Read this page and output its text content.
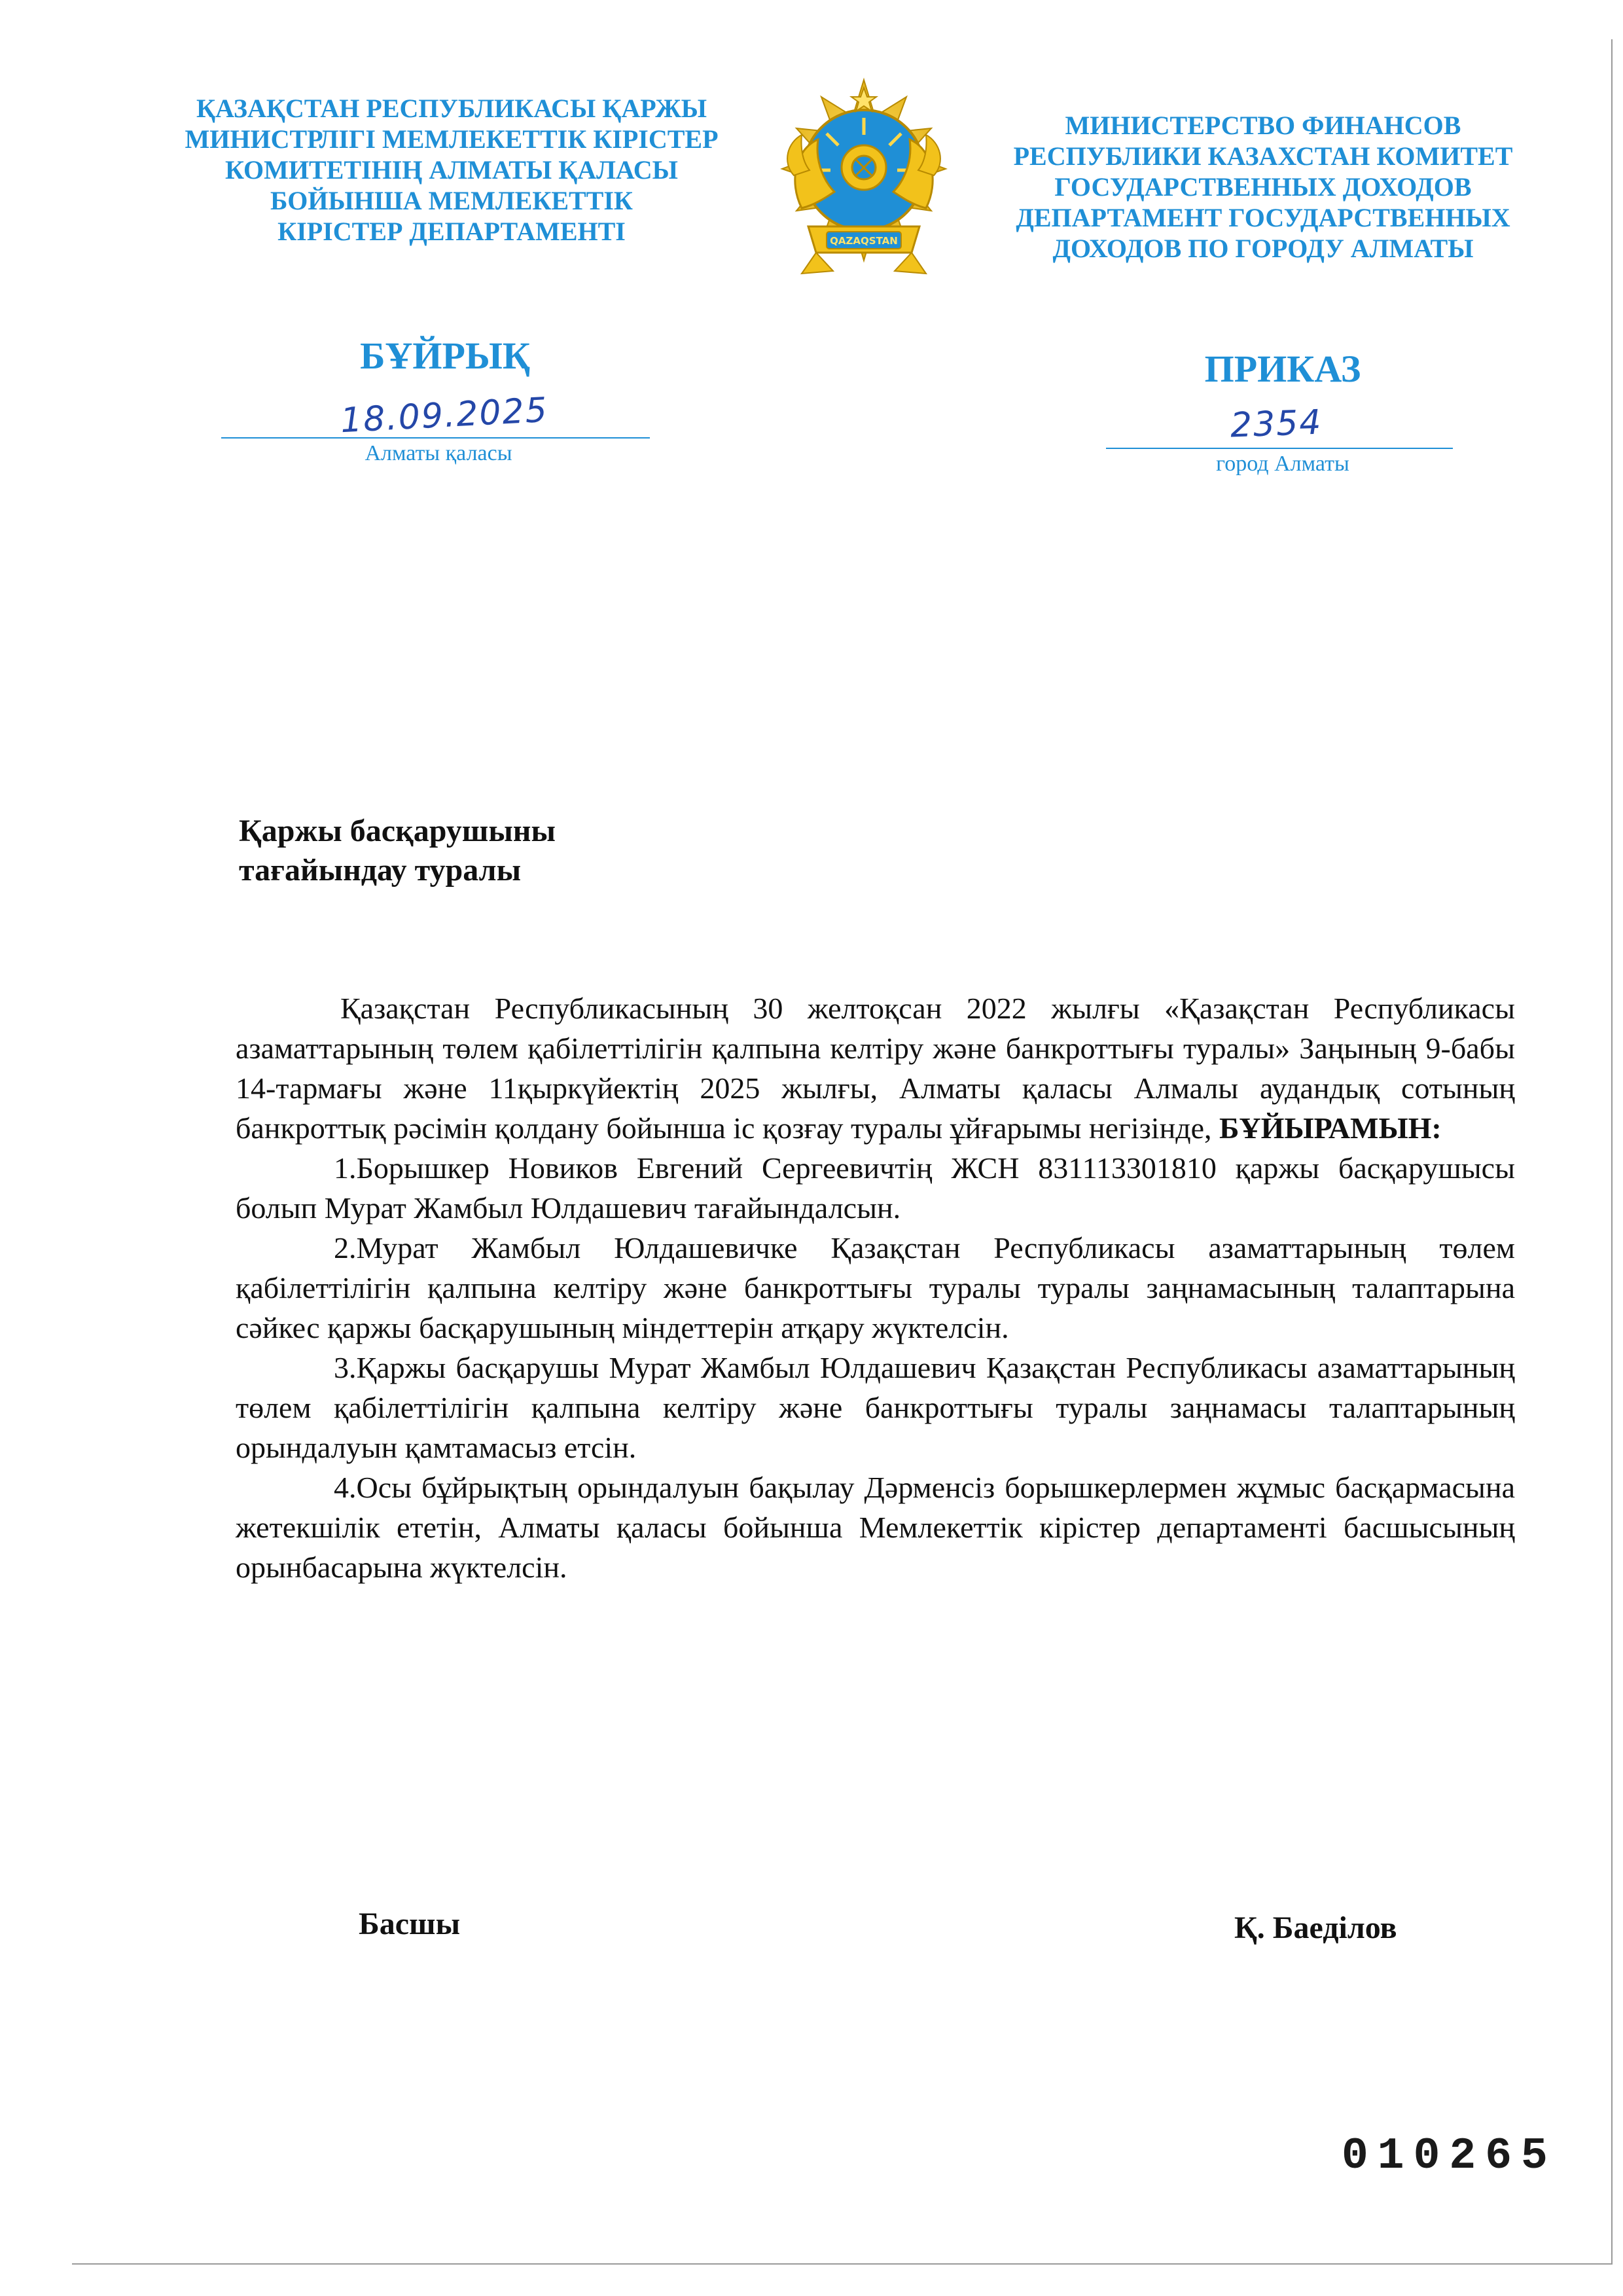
ҚАЗАҚСТАН РЕСПУБЛИКАСЫ ҚАРЖЫ
МИНИСТРЛІГІ МЕМЛЕКЕТТІК КІРІСТЕР
КОМИТЕТІНІҢ АЛМАТЫ ҚАЛАСЫ
БОЙЫНША МЕМЛЕКЕТТІК
КІРІСТЕР ДЕПАРТАМЕНТІ	QAZAQSTAN
МИНИСТЕРСТВО ФИНАНСОВ
РЕСПУБЛИКИ КАЗАХСТАН КОМИТЕТ
ГОСУДАРСТВЕННЫХ ДОХОДОВ
ДЕПАРТАМЕНТ ГОСУДАРСТВЕННЫХ
ДОХОДОВ ПО ГОРОДУ АЛМАТЫ
БҰЙРЫҚ	ПРИКАЗ
18.09.2025	2354
Алматы қаласы	город Алматы
Қаржы басқарушыны
тағайындау туралы

Қазақстан Республикасының 30 желтоқсан 2022 жылғы «Қазақстан Республикасы азаматтарының төлем қабілеттілігін қалпына келтіру және банкроттығы туралы» Заңының 9-бабы 14-тармағы және 11қыркүйектің 2025 жылғы, Алматы қаласы Алмалы аудандық сотының банкроттық рәсімін қолдану бойынша іс қозғау туралы ұйғарымы негізінде, БҰЙЫРАМЫН:

1.Борышкер Новиков Евгений Сергеевичтің ЖСН 831113301810 қаржы басқарушысы болып Мурат Жамбыл Юлдашевич тағайындалсын.

2.Мурат Жамбыл Юлдашевичке Қазақстан Республикасы азаматтарының төлем қабілеттілігін қалпына келтіру және банкроттығы туралы туралы заңнамасының талаптарына сәйкес қаржы басқарушының міндеттерін атқару жүктелсін.

3.Қаржы басқарушы Мурат Жамбыл Юлдашевич Қазақстан Республикасы азаматтарының төлем қабілеттілігін қалпына келтіру және банкроттығы туралы заңнамасы талаптарының орындалуын қамтамасыз етсін.

4.Осы бұйрықтың орындалуын бақылау Дәрменсіз борышкерлермен жұмыс басқармасына жетекшілік ететін, Алматы қаласы бойынша Мемлекеттік кірістер департаменті басшысының орынбасарына жүктелсін.

Басшы	Қ. Баеділов
010265
